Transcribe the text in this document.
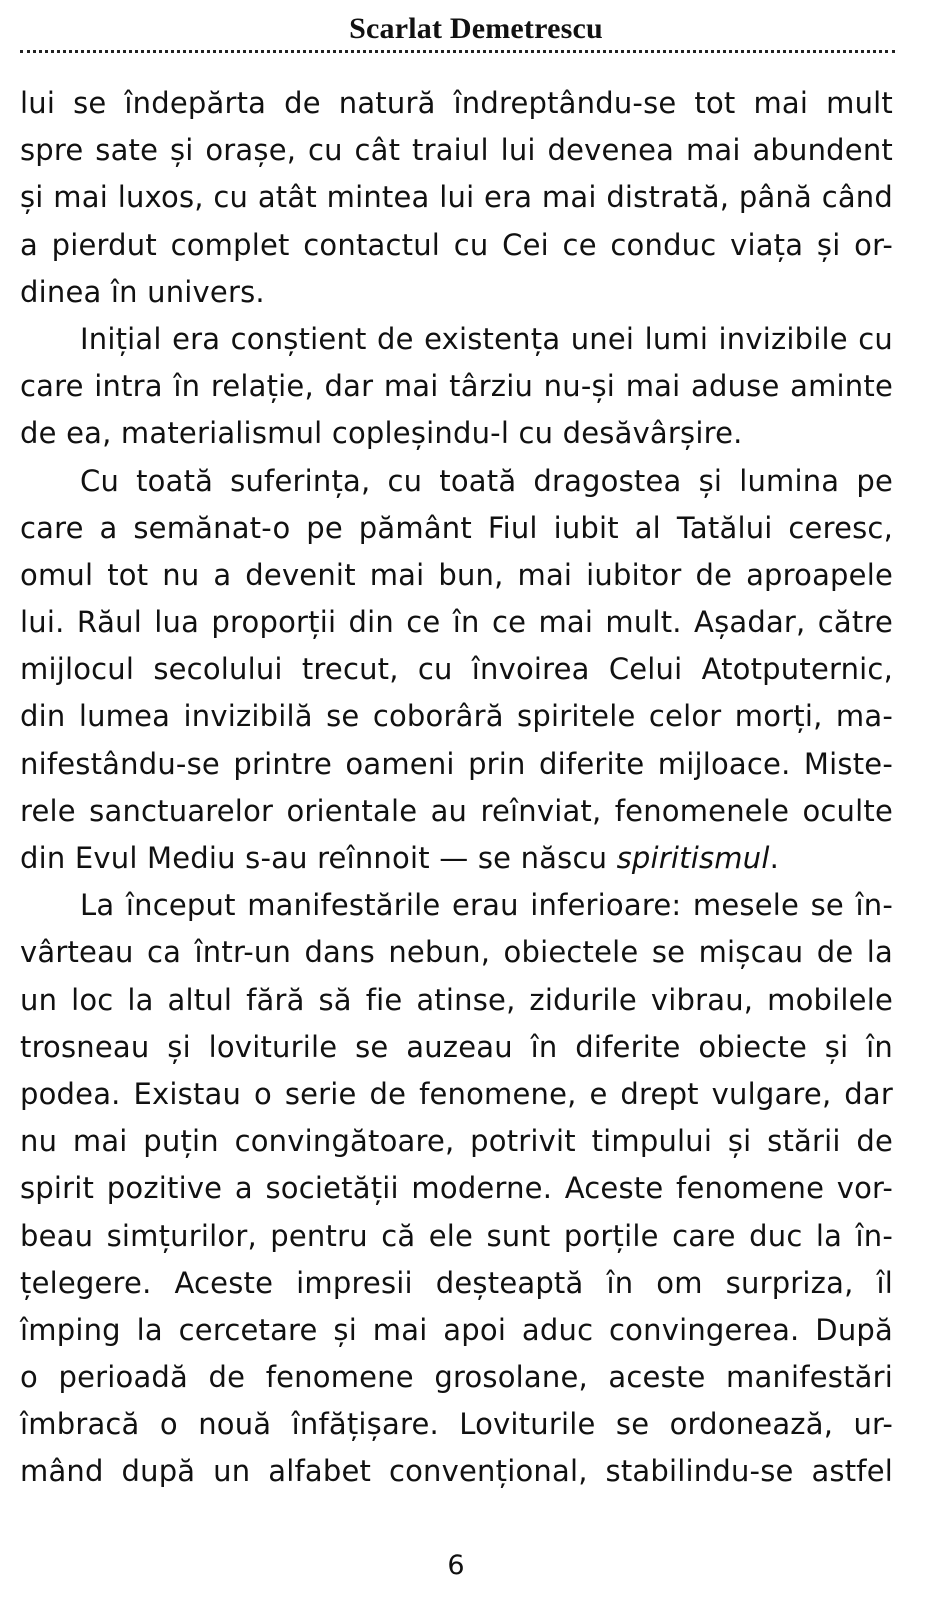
Scarlat Demetrescu
lui se îndepărta de natură îndreptându-se tot mai mult
spre sate și orașe, cu cât traiul lui devenea mai abundent
și mai luxos, cu atât mintea lui era mai distrată, până când
a pierdut complet contactul cu Cei ce conduc viața și or-
dinea în univers.
Inițial era conștient de existența unei lumi invizibile cu
care intra în relație, dar mai târziu nu-și mai aduse aminte
de ea, materialismul copleșindu-l cu desăvârșire.
Cu toată suferința, cu toată dragostea și lumina pe
care a semănat-o pe pământ Fiul iubit al Tatălui ceresc,
omul tot nu a devenit mai bun, mai iubitor de aproapele
lui. Răul lua proporții din ce în ce mai mult. Așadar, către
mijlocul secolului trecut, cu învoirea Celui Atotputernic,
din lumea invizibilă se coborâră spiritele celor morți, ma-
nifestându-se printre oameni prin diferite mijloace. Miste-
rele sanctuarelor orientale au reînviat, fenomenele oculte
din Evul Mediu s-au reînnoit — se născu spiritismul.
La început manifestările erau inferioare: mesele se în-
vârteau ca într-un dans nebun, obiectele se mișcau de la
un loc la altul fără să fie atinse, zidurile vibrau, mobilele
trosneau și loviturile se auzeau în diferite obiecte și în
podea. Existau o serie de fenomene, e drept vulgare, dar
nu mai puțin convingătoare, potrivit timpului și stării de
spirit pozitive a societății moderne. Aceste fenomene vor-
beau simțurilor, pentru că ele sunt porțile care duc la în-
țelegere. Aceste impresii deșteaptă în om surpriza, îl
împing la cercetare și mai apoi aduc convingerea. După
o perioadă de fenomene grosolane, aceste manifestări
îmbracă o nouă înfățișare. Loviturile se ordonează, ur-
mând după un alfabet convențional, stabilindu-se astfel
6
